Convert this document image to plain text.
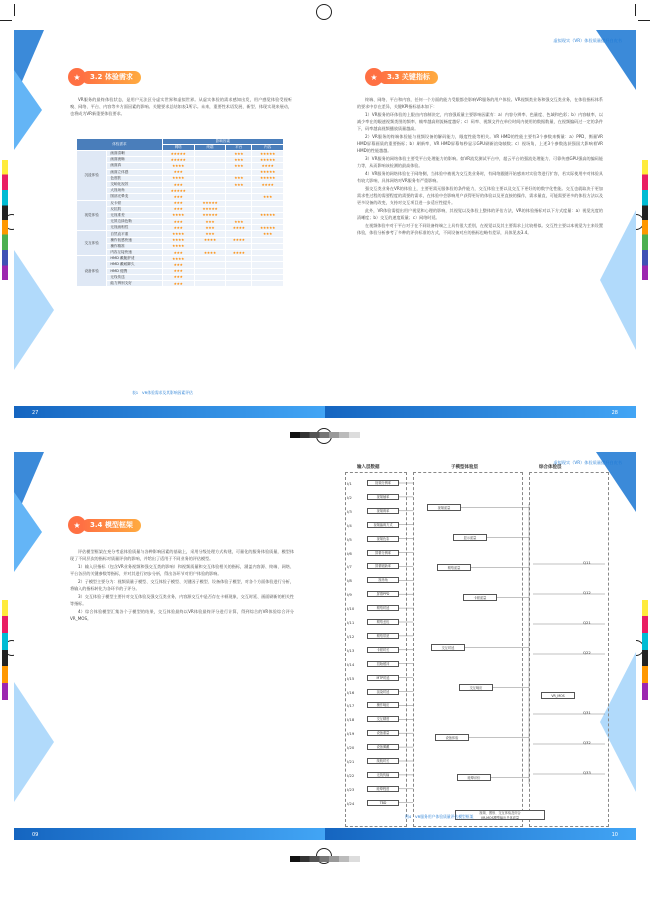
★ 3.2 体验需求

VR服务的最终体验状态，是用户无法区分虚实世界和虚拟世界。从虚实体验的需求感知出发，用户感觉体验受视听嗅、网络、平台、内容等多方面因素的影响。关键要求总结如表1所示。未来，重要性术语发展、新型、体现实现来展动，也将成为VR新重要体验要求。

体验需求		影响因素			
		网络	终端	平台	内容
沉浸体验	画面清晰	★★★★★		★★★	★★★★★
	画面流畅	★★★★★		★★★	★★★★★
	画面真	★★★★		★★★	★★★★
	画面立体感	★★★			★★★★★
	色度肤	★★★★		★★★	★★★★★
	交响化视效	★★★		★★★	★★★★
	大视场角	★★★★★			
	图部光晕变	★★★			★★★
视觉体验	反卡顿	★★★	★★★★★		
	反抗肌	★★★	★★★★★		
	无视准差	★★★★	★★★★★		★★★★★
	无屏边绿色勒	★★★	★★★	★★★	
	无视画相性	★★★	★★★	★★★★	★★★★★
交互体验	自然直平重	★★★★	★★★		★★★
	操作低感快速	★★★★	★★★★	★★★★	
	操作精准	★★★★			
	内容互接快速	★★★	★★★★	★★★★	
设备体验	HMD 戴脆舒适	★★★★			
	HMD 戴耐脚久	★★★			
	HMD 便携	★★★			
	无线传送	★★★			
	能力辨别支好	★★★			
表1　VR体验需求及其影响因素评估
27
虚拟现实（VR）体验质量提升白皮书
★ 3.3 关键指标

终端、网络、平台和内容，任何一个方面的能力受限都会影响VR服务的用户体验。VR视频类业务和强交互类业务，在体验指标体系的要求中存在差异，关键KPI指标基本如下：

1）VR服务的环体验的上限由内容制决定，内容强质量主要影响因素有：a）内容分辨率、色量度、色域和色彩；b）内容帧率，以减少率在的眼速视频类图的频率、帧率越高则流畅度越好；c）码率、视频文件在单位时间内使用的数据数量，在视频编码过一定的条件下，码率越高视频播放质量越高。

2）VR服务的终端体验能与视频设备的解码能力，眼度性能等相关。VR HMD的性能主要有3个参数来衡量：a）PPD，衡量VR HMD屏幕画质的重要指标；b）刷新率，VR HMD屏幕每秒显示GPU刷新渲染帧数；c）视场角，上述3个参数选获强国大影响着VR HMD的性能越越。

3）VR服务的网络体验主要受平台处理能力的影响。如VR流发测试平台中，超云平台的强流处理能力、可靠传感GPU强高的编码能力等，从而影响该检测的最高体验。

4）VR服务的网络体验在于网络侧，当体验中被视为交互类业务时，有网络跟随开始感来对实验等进行扩容，若实际使用中对体验具有较大影响，具体网络对VR服务有严重影响。

强交互类业务在VR的体验上，主要更需无服体验的条件能力，交互体验主要以及交互下更好的的数字化性能。交互也就取决于更加需求性过程的需要程度的需要的需求，在体验中会影响用户获得更好的体验以及更直接的操作，需求量直，可能需要更多的体验方法以及更多设备的改变，支持对交互项目进一步适应性提升。

此外，VR体验需提出用户视觉和心理的影响，其视觉以及体验上整体的评估方法，VR的体验指标对以下方式度量：a）视觉光度的清晰度；b）交互的速度质量；c）网络时延。

在视频体验中对于平台对于在不同设备终端之上具有很大差别，在视觉以及其主要需求上比较相似。交互性主要以本视觉为主来设置体验，体验分析参考了多种的评价标准的方式，不同设备对应的指标也略有差异，具体见表3.4。

28
★ 3.4 模型框架

评估模型框架在充分考虑体验质量与各种影响因素的基础上，采用分级处理方式构建，可量化的服务体验质量，模型体现了不同层次的指标对质量评价的影响，并给出了适用于不同业务的评估模型。

1）输入层指标（包含VR业务视频和强交互类的影响）和视频质量和交互体验相关的指标，涵盖内容源、终端、网络、平台各层的关键参数等指标，并对其进行初步分析，得出各环节对用户体验的影响。

2）子模型主要分为：视频质量子模型、交互体验子模型、关键因子模型、设备体验子模型，对各个方面体验进行分析，将输入的指标转化为各环节的子评分。

3）交互体验子模型主要针对交互体验及强交互类业务，内容源交互中是否存在卡顿现象，交互时延、画面刷新的相关性等指标。

4）综合体验模型汇集各个子模型的结果，交互体验最终以VR体验最终评分进行计算，得到综合的VR体验综合评分VR_MOS。

09
虚拟现实（VR）体验质量提升白皮书
输入层数据	子模型体验层	综合体验层
I/1	视频分辨率
I/2	视频帧率
I/3	视频码率
I/4	视频编码方式
I/5	视频色彩
I/6	屏幕分辨率
I/7	屏幕刷新率
I/8	视场角
I/9	屏幕PPD
I/10	网络时延
I/11	网络丢包
I/12	网络带宽
I/13	卡顿时长
I/14	初始缓冲
I/15	MTP时延
I/16	渲染时延
I/17	操作响应
I/18	交互精度
I/19	设备重量
I/20	设备佩戴
I/21	续航时长
I/22	无线传输
I/23	眩晕程度
I/24	TBD
视频质量
显示质量
网络质量
卡顿质量
交互时延
交互响应
设备体验
眩晕评价
Q11
Q12
Q21
Q22
Q31
Q32
Q33
VR_MOS
视频、图形、交互体验及综合
VR-MOS模型输出总体质量
图4　VR服务用户体验质量评估模型框架
10
